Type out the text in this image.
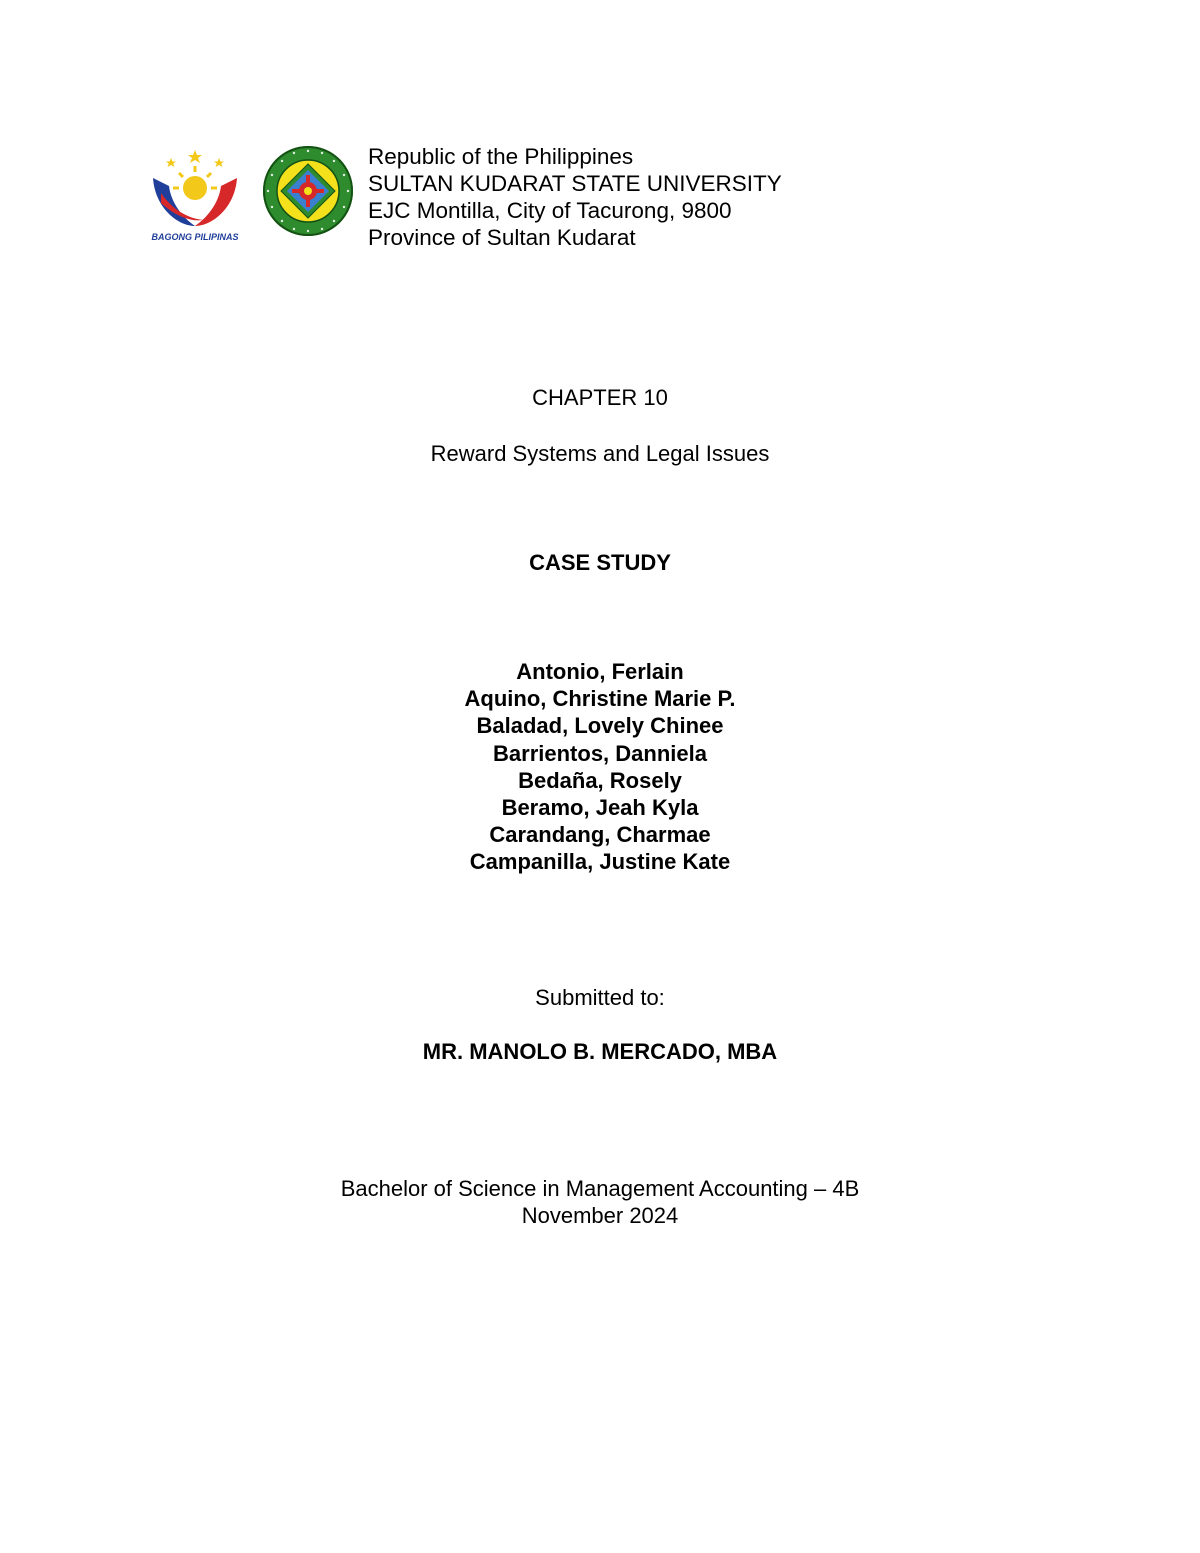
BAGONG PILIPINAS
Republic of the Philippines
SULTAN KUDARAT STATE UNIVERSITY
EJC Montilla, City of Tacurong, 9800
Province of Sultan Kudarat
CHAPTER 10
Reward Systems and Legal Issues
CASE STUDY
Antonio, Ferlain
Aquino, Christine Marie P.
Baladad, Lovely Chinee
Barrientos, Danniela
Bedaña, Rosely
Beramo, Jeah Kyla
Carandang, Charmae
Campanilla, Justine Kate
Submitted to:
MR. MANOLO B. MERCADO, MBA
Bachelor of Science in Management Accounting – 4B
November 2024
